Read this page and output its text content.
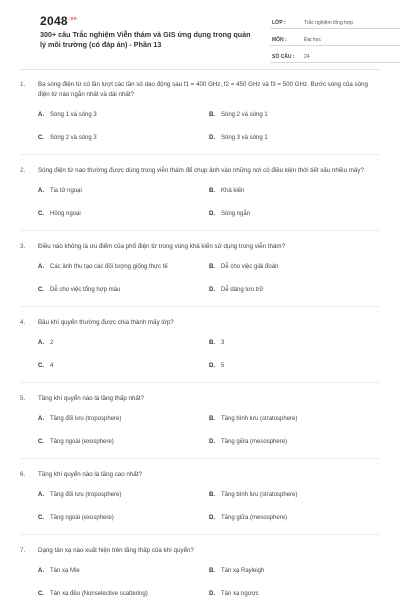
$2048^{.vn}$
300+ câu Trắc nghiệm Viễn thám và GIS ứng dụng trong quản lý môi trường (có đáp án) - Phần 13
LỚP :	Trắc nghiệm tổng hợp
MÔN :	Đại học
SỐ CÂU :	24
1.	Ba sóng điện từ có lần lượt các tần số dao động sau f1 = 400 GHz, f2 = 450 GHz và f3 = 500 GHz. Bước sóng của sóng điện từ nào ngắn nhất và dài nhất?
A.	Sóng 1 và sóng 3	B.	Sóng 2 và sóng 1
C.	Sóng 2 và sóng 3	D.	Sóng 3 và sóng 1
2.	Sóng điện từ nào thường được dùng trong viễn thám để chụp ảnh vào những nơi có điều kiện thời tiết xấu nhiều mây?
A.	Tia tử ngoại	B.	Khả kiến
C.	Hồng ngoại	D.	Sóng ngắn
3.	Điều nào không là ưu điểm của phổ điện từ trong vùng khả kiến sử dụng trong viễn thám?
A.	Các ảnh thu tạo các đối tượng giống thực tế	B.	Dễ cho việc giải đoán
C.	Dễ cho việc tổng hợp màu	D.	Dễ dàng lưu trữ
4.	Bầu khí quyển thường được chia thành mấy lớp?
A.	2	B.	3
C.	4	D.	5
5.	Tầng khí quyển nào là tầng thấp nhất?
A.	Tầng đối lưu (troposphere)	B.	Tầng bình lưu (stratosphere)
C.	Tầng ngoài (exosphere)	D.	Tầng giữa (mesosphere)
6.	Tầng khí quyển nào là tầng cao nhất?
A.	Tầng đối lưu (troposphere)	B.	Tầng bình lưu (stratosphere)
C.	Tầng ngoài (exosphere)	D.	Tầng giữa (mesosphere)
7.	Dạng tán xạ nào xuất hiện trên tầng thấp của khí quyển?
A.	Tán xạ Mie	B.	Tán xạ Rayleigh
C.	Tán xạ đều (Nonselective scattering)	D.	Tán xạ ngược
